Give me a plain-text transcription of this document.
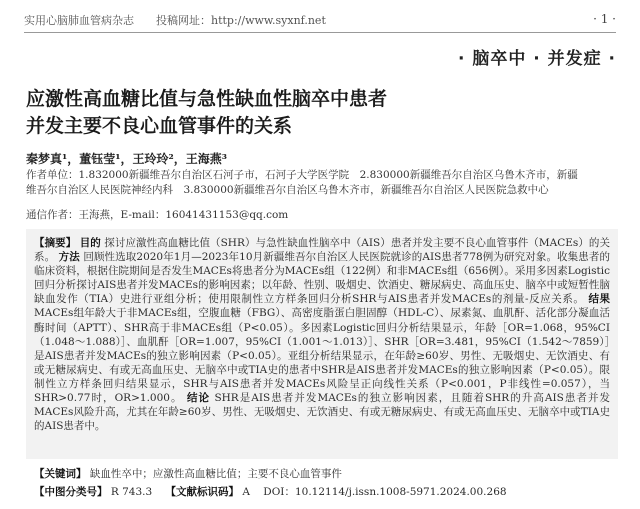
实用心脑肺血管病杂志　　 投稿网址：http://www.syxnf.net	· 1 ·
· 脑卒中 · 并发症 ·
应激性高血糖比值与急性缺血性脑卒中患者
并发主要不良心血管事件的关系
秦梦真¹，董钰莹¹，王玲玲²，王海燕³
作者单位：1.832000新疆维吾尔自治区石河子市，石河子大学医学院　2.830000新疆维吾尔自治区乌鲁木齐市，新疆
维吾尔自治区人民医院神经内科　3.830000新疆维吾尔自治区乌鲁木齐市，新疆维吾尔自治区人民医院急救中心
通信作者：王海燕，E-mail：16041431153@qq.com
【摘要】 目的 探讨应激性高血糖比值（SHR）与急性缺血性脑卒中（AIS）患者并发主要不良心血管事件（MACEs）的关系。 方法 回顾性选取2020年1月—2023年10月新疆维吾尔自治区人民医院就诊的AIS患者778例为研究对象。收集患者的临床资料，根据住院期间是否发生MACEs将患者分为MACEs组（122例）和非MACEs组（656例）。采用多因素Logistic回归分析探讨AIS患者并发MACEs的影响因素；以年龄、性别、吸烟史、饮酒史、糖尿病史、高血压史、脑卒中或短暂性脑缺血发作（TIA）史进行亚组分析；使用限制性立方样条回归分析SHR与AIS患者并发MACEs的剂量-反应关系。 结果 MACEs组年龄大于非MACEs组，空腹血糖（FBG）、高密度脂蛋白胆固醇（HDL-C）、尿素氮、血肌酐、活化部分凝血活酶时间（APTT）、SHR高于非MACEs组（P<0.05）。多因素Logistic回归分析结果显示，年龄［OR=1.068，95%CI（1.048～1.088）］、血肌酐［OR=1.007，95%CI（1.001～1.013）］、SHR［OR=3.481，95%CI（1.542～7859）］是AIS患者并发MACEs的独立影响因素（P<0.05）。亚组分析结果显示，在年龄≥60岁、男性、无吸烟史、无饮酒史、有或无糖尿病史、有或无高血压史、无脑卒中或TIA史的患者中SHR是AIS患者并发MACEs的独立影响因素（P<0.05）。限制性立方样条回归结果显示，SHR与AIS患者并发MACEs风险呈正向线性关系（P<0.001，P非线性=0.057），当SHR>0.77时，OR>1.000。 结论 SHR是AIS患者并发MACEs的独立影响因素，且随着SHR的升高AIS患者并发MACEs风险升高，尤其在年龄≥60岁、男性、无吸烟史、无饮酒史、有或无糖尿病史、有或无高血压史、无脑卒中或TIA史的AIS患者中。
【关键词】 缺血性卒中；应激性高血糖比值；主要不良心血管事件
【中图分类号】 R 743.3 【文献标识码】 A DOI：10.12114/j.issn.1008-5971.2024.00.268
